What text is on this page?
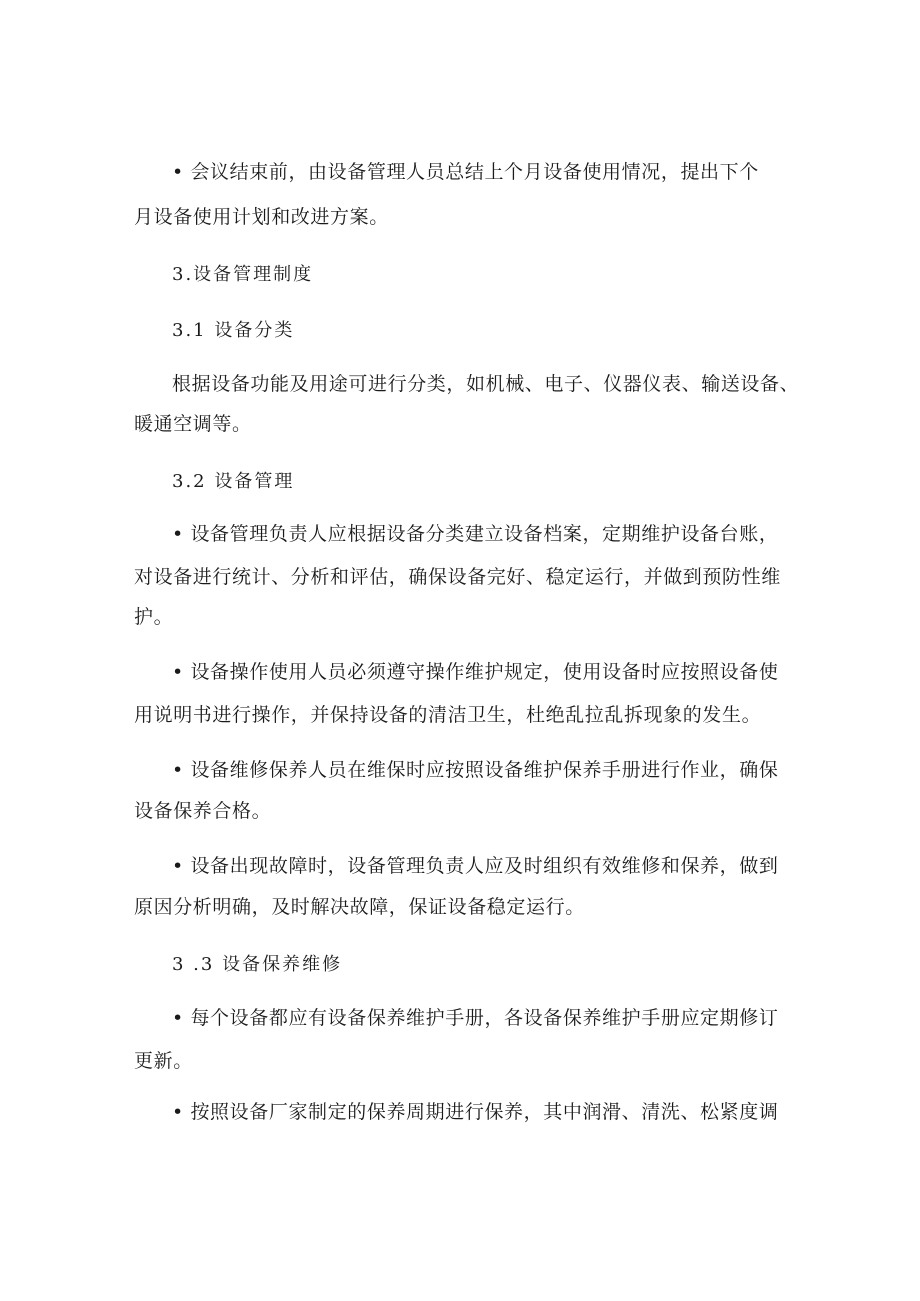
• 会议结束前，由设备管理人员总结上个月设备使用情况，提出下个
月设备使用计划和改进方案。
3.设备管理制度
3.1 设备分类
根据设备功能及用途可进行分类，如机械、电子、仪器仪表、输送设备、
暖通空调等。
3.2 设备管理
• 设备管理负责人应根据设备分类建立设备档案，定期维护设备台账，
对设备进行统计、分析和评估，确保设备完好、稳定运行，并做到预防性维
护。
• 设备操作使用人员必须遵守操作维护规定，使用设备时应按照设备使
用说明书进行操作，并保持设备的清洁卫生，杜绝乱拉乱拆现象的发生。
• 设备维修保养人员在维保时应按照设备维护保养手册进行作业，确保
设备保养合格。
• 设备出现故障时，设备管理负责人应及时组织有效维修和保养，做到
原因分析明确，及时解决故障，保证设备稳定运行。
3 .3 设备保养维修
• 每个设备都应有设备保养维护手册，各设备保养维护手册应定期修订
更新。
• 按照设备厂家制定的保养周期进行保养，其中润滑、清洗、松紧度调
